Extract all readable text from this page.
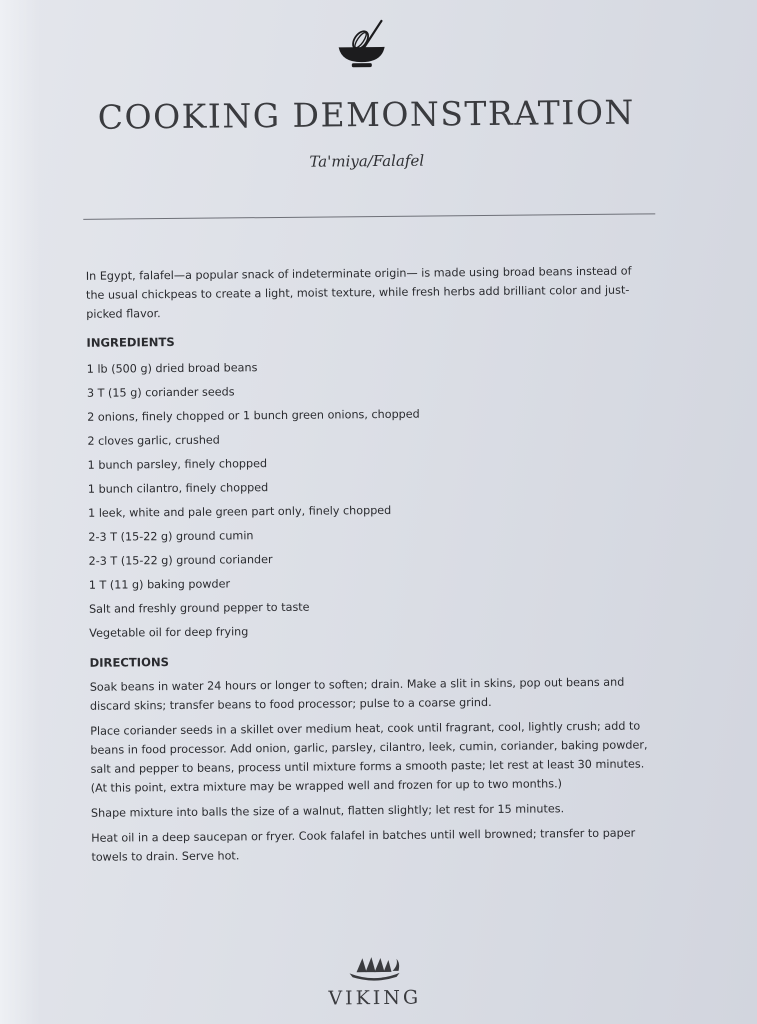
COOKING DEMONSTRATION
Ta'miya/Falafel

In Egypt, falafel—a popular snack of indeterminate origin— is made using broad beans instead of the usual chickpeas to create a light, moist texture, while fresh herbs add brilliant color and just-picked flavor.

INGREDIENTS
1 lb (500 g) dried broad beans
3 T (15 g) coriander seeds
2 onions, finely chopped or 1 bunch green onions, chopped
2 cloves garlic, crushed
1 bunch parsley, finely chopped
1 bunch cilantro, finely chopped
1 leek, white and pale green part only, finely chopped
2-3 T (15-22 g) ground cumin
2-3 T (15-22 g) ground coriander
1 T (11 g) baking powder
Salt and freshly ground pepper to taste
Vegetable oil for deep frying
DIRECTIONS

Soak beans in water 24 hours or longer to soften; drain. Make a slit in skins, pop out beans and discard skins; transfer beans to food processor; pulse to a coarse grind.

Place coriander seeds in a skillet over medium heat, cook until fragrant, cool, lightly crush; add to beans in food processor. Add onion, garlic, parsley, cilantro, leek, cumin, coriander, baking powder, salt and pepper to beans, process until mixture forms a smooth paste; let rest at least 30 minutes. (At this point, extra mixture may be wrapped well and frozen for up to two months.)

Shape mixture into balls the size of a walnut, flatten slightly; let rest for 15 minutes.

Heat oil in a deep saucepan or fryer. Cook falafel in batches until well browned; transfer to paper towels to drain. Serve hot.

VIKING
